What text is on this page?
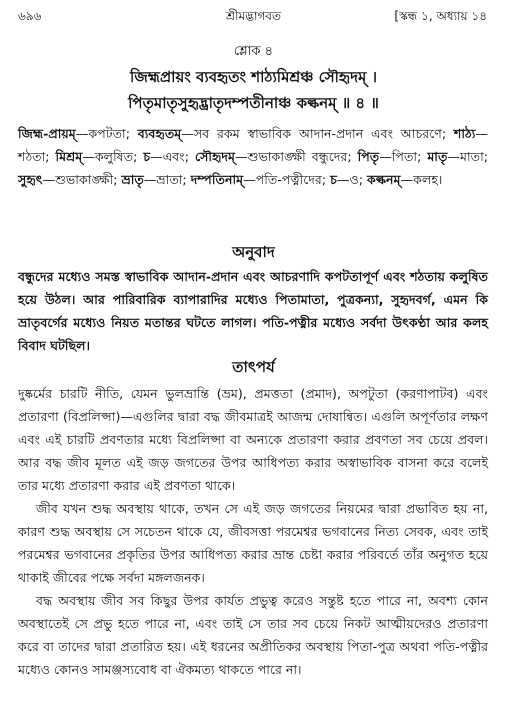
৬৯৬	শ্রীমদ্ভাগবত	[স্কন্ধ ১, অধ্যায় ১৪
শ্লোক ৪
জিহ্মপ্রায়ং ব্যবহৃতং শাঠ্যমিশ্রঞ্চ সৌহৃদম্ ।
পিতৃমাতৃসুহৃদ্ভ্রাতৃদম্পতীনাঞ্চ কল্কনম্ ॥ ৪ ॥
জিহ্ম-প্রায়ম্—কপটতা; ব্যবহৃতম্—সব রকম স্বাভাবিক আদান-প্রদান এবং আচরণে; শাঠ্য—শঠতা; মিশ্রম্—কলুষিত; চ—এবং; সৌহৃদম্—শুভাকাঙ্ক্ষী বন্ধুদের; পিতৃ—পিতা; মাতৃ—মাতা; সুহৃৎ—শুভাকাঙ্ক্ষী; ভ্রাতৃ—ভ্রাতা; দম্পতিনাম্—পতি-পত্নীদের; চ—ও; কল্কনম্—কলহ।
অনুবাদ
বন্ধুদের মধ্যেও সমস্ত স্বাভাবিক আদান-প্রদান এবং আচরণাদি কপটতাপূর্ণ এবং শঠতায় কলুষিত হয়ে উঠল। আর পারিবারিক ব্যাপারাদির মধ্যেও পিতামাতা, পুত্রকন্যা, সুহৃদবর্গ, এমন কি ভ্রাতৃবর্গের মধ্যেও নিয়ত মতান্তর ঘটতে লাগল। পতি-পত্নীর মধ্যেও সর্বদা উৎকণ্ঠা আর কলহ বিবাদ ঘটছিল।
তাৎপর্য

দুষ্কর্মের চারটি নীতি, যেমন ভুলভ্রান্তি (ভ্রম), প্রমত্ততা (প্রমাদ), অপটুতা (করণাপাটব) এবং প্রতারণা (বিপ্রলিপ্সা)—এগুলির দ্বারা বদ্ধ জীবমাত্রই আজন্ম দোষান্বিত। এগুলি অপূর্ণতার লক্ষণ এবং এই চারটি প্রবণতার মধ্যে বিপ্রলিপ্সা বা অন্যকে প্রতারণা করার প্রবণতা সব চেয়ে প্রবল। আর বদ্ধ জীব মূলত এই জড় জগতের উপর আধিপত্য করার অস্বাভাবিক বাসনা করে বলেই তার মধ্যে প্রতারণা করার এই প্রবণতা থাকে।

জীব যখন শুদ্ধ অবস্থায় থাকে, তখন সে এই জড় জগতের নিয়মের দ্বারা প্রভাবিত হয় না, কারণ শুদ্ধ অবস্থায় সে সচেতন থাকে যে, জীবসত্তা পরমেশ্বর ভগবানের নিত্য সেবক, এবং তাই পরমেশ্বর ভগবানের প্রকৃতির উপর আধিপত্য করার ভ্রান্ত চেষ্টা করার পরিবর্তে তাঁর অনুগত হয়ে থাকাই জীবের পক্ষে সর্বদা মঙ্গলজনক।

বদ্ধ অবস্থায় জীব সব কিছুর উপর কার্যত প্রভুত্ব করেও সন্তুষ্ট হতে পারে না, অবশ্য কোন অবস্থাতেই সে প্রভু হতে পারে না, এবং তাই সে তার সব চেয়ে নিকট আত্মীয়দেরও প্রতারণা করে বা তাদের দ্বারা প্রতারিত হয়। এই ধরনের অপ্রীতিকর অবস্থায় পিতা-পুত্র অথবা পতি-পত্নীর মধ্যেও কোনও সামঞ্জস্যবোধ বা ঐকমত্য থাকতে পারে না।
